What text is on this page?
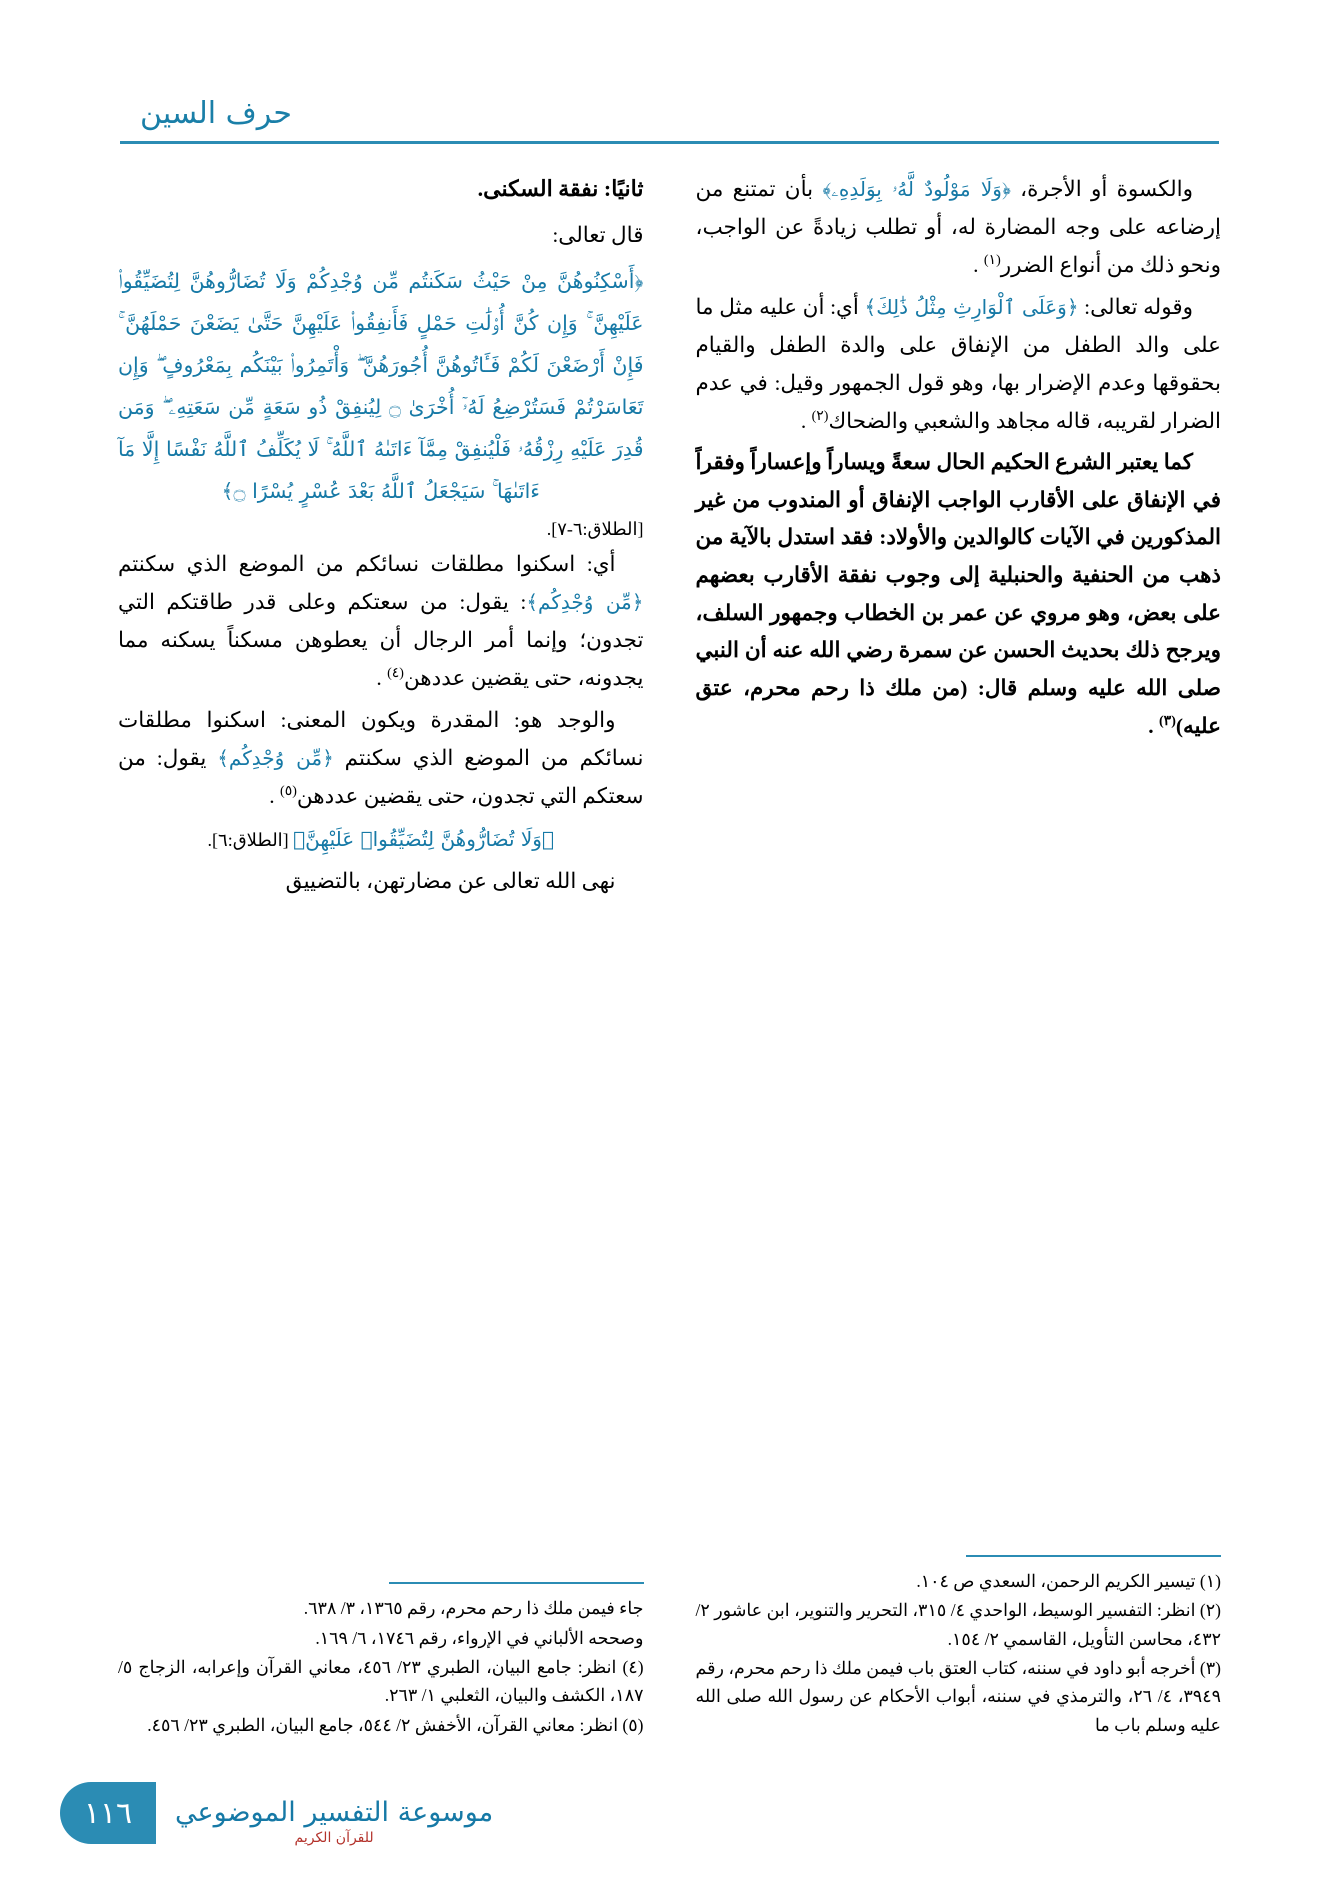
حرف السين

والكسوة أو الأجرة، ﴿وَلَا مَوْلُودٌ لَّهُۥ بِوَلَدِهِۦ﴾ بأن تمتنع من إرضاعه على وجه المضارة له، أو تطلب زيادةً عن الواجب، ونحو ذلك من أنواع الضرر$^{(١)}$ .

وقوله تعالى: ﴿وَعَلَى ٱلْوَارِثِ مِثْلُ ذَٰلِكَ﴾ أي: أن عليه مثل ما على والد الطفل من الإنفاق على والدة الطفل والقيام بحقوقها وعدم الإضرار بها، وهو قول الجمهور وقيل: في عدم الضرار لقريبه، قاله مجاهد والشعبي والضحاك$^{(٢)}$ .

كما يعتبر الشرع الحكيم الحال سعةً ويساراً وإعساراً وفقراً في الإنفاق على الأقارب الواجب الإنفاق أو المندوب من غير المذكورين في الآيات كالوالدين والأولاد: فقد استدل بالآية من ذهب من الحنفية والحنبلية إلى وجوب نفقة الأقارب بعضهم على بعض، وهو مروي عن عمر بن الخطاب وجمهور السلف، ويرجح ذلك بحديث الحسن عن سمرة رضي الله عنه أن النبي صلى الله عليه وسلم قال: (من ملك ذا رحم محرم، عتق عليه)$^{(٣)}$ .

(١) تيسير الكريم الرحمن، السعدي ص ١٠٤.
(٢) انظر: التفسير الوسيط، الواحدي ٤/ ٣١٥، التحرير والتنوير، ابن عاشور ٢/ ٤٣٢، محاسن التأويل، القاسمي ٢/ ١٥٤.
(٣) أخرجه أبو داود في سننه، كتاب العتق باب فيمن ملك ذا رحم محرم، رقم ٣٩٤٩، ٤/ ٢٦، والترمذي في سننه، أبواب الأحكام عن رسول الله صلى الله عليه وسلم باب ما
ثانيًا: نفقة السكنى.

قال تعالى:

﴿أَسْكِنُوهُنَّ مِنْ حَيْثُ سَكَنتُم مِّن وُجْدِكُمْ وَلَا تُضَارُّوهُنَّ لِتُضَيِّقُوا۟ عَلَيْهِنَّ ۚ وَإِن كُنَّ أُو۟لَٰتِ حَمْلٍ فَأَنفِقُوا۟ عَلَيْهِنَّ حَتَّىٰ يَضَعْنَ حَمْلَهُنَّ ۚ فَإِنْ أَرْضَعْنَ لَكُمْ فَـَٔاتُوهُنَّ أُجُورَهُنَّ ۖ وَأْتَمِرُوا۟ بَيْنَكُم بِمَعْرُوفٍ ۖ وَإِن تَعَاسَرْتُمْ فَسَتُرْضِعُ لَهُۥٓ أُخْرَىٰ ۝ لِيُنفِقْ ذُو سَعَةٍ مِّن سَعَتِهِۦ ۖ وَمَن قُدِرَ عَلَيْهِ رِزْقُهُۥ فَلْيُنفِقْ مِمَّآ ءَاتَىٰهُ ٱللَّهُ ۚ لَا يُكَلِّفُ ٱللَّهُ نَفْسًا إِلَّا مَآ ءَاتَىٰهَا ۚ سَيَجْعَلُ ٱللَّهُ بَعْدَ عُسْرٍ يُسْرًا ۝﴾
[الطلاق:٦-٧].

أي: اسكنوا مطلقات نسائكم من الموضع الذي سكنتم ﴿مِّن وُجْدِكُم﴾: يقول: من سعتكم وعلى قدر طاقتكم التي تجدون؛ وإنما أمر الرجال أن يعطوهن مسكناً يسكنه مما يجدونه، حتى يقضين عددهن$^{(٤)}$ .

والوجد هو: المقدرة ويكون المعنى: اسكنوا مطلقات نسائكم من الموضع الذي سكنتم ﴿مِّن وُجْدِكُم﴾ يقول: من سعتكم التي تجدون، حتى يقضين عددهن$^{(٥)}$ .

﴿وَلَا تُضَارُّوهُنَّ لِتُضَيِّقُوا۟ عَلَيْهِنَّ﴾ [الطلاق:٦].

نهى الله تعالى عن مضارتهن، بالتضييق

جاء فيمن ملك ذا رحم محرم، رقم ١٣٦٥، ٣/ ٦٣٨.
وصححه الألباني في الإرواء، رقم ١٧٤٦، ٦/ ١٦٩.
(٤) انظر: جامع البيان، الطبري ٢٣/ ٤٥٦، معاني القرآن وإعرابه، الزجاج ٥/ ١٨٧، الكشف والبيان، الثعلبي ١/ ٢٦٣.
(٥) انظر: معاني القرآن، الأخفش ٢/ ٥٤٤، جامع البيان، الطبري ٢٣/ ٤٥٦.
موسوعة التفسير الموضوعي
للقرآن الكريم
١١٦
